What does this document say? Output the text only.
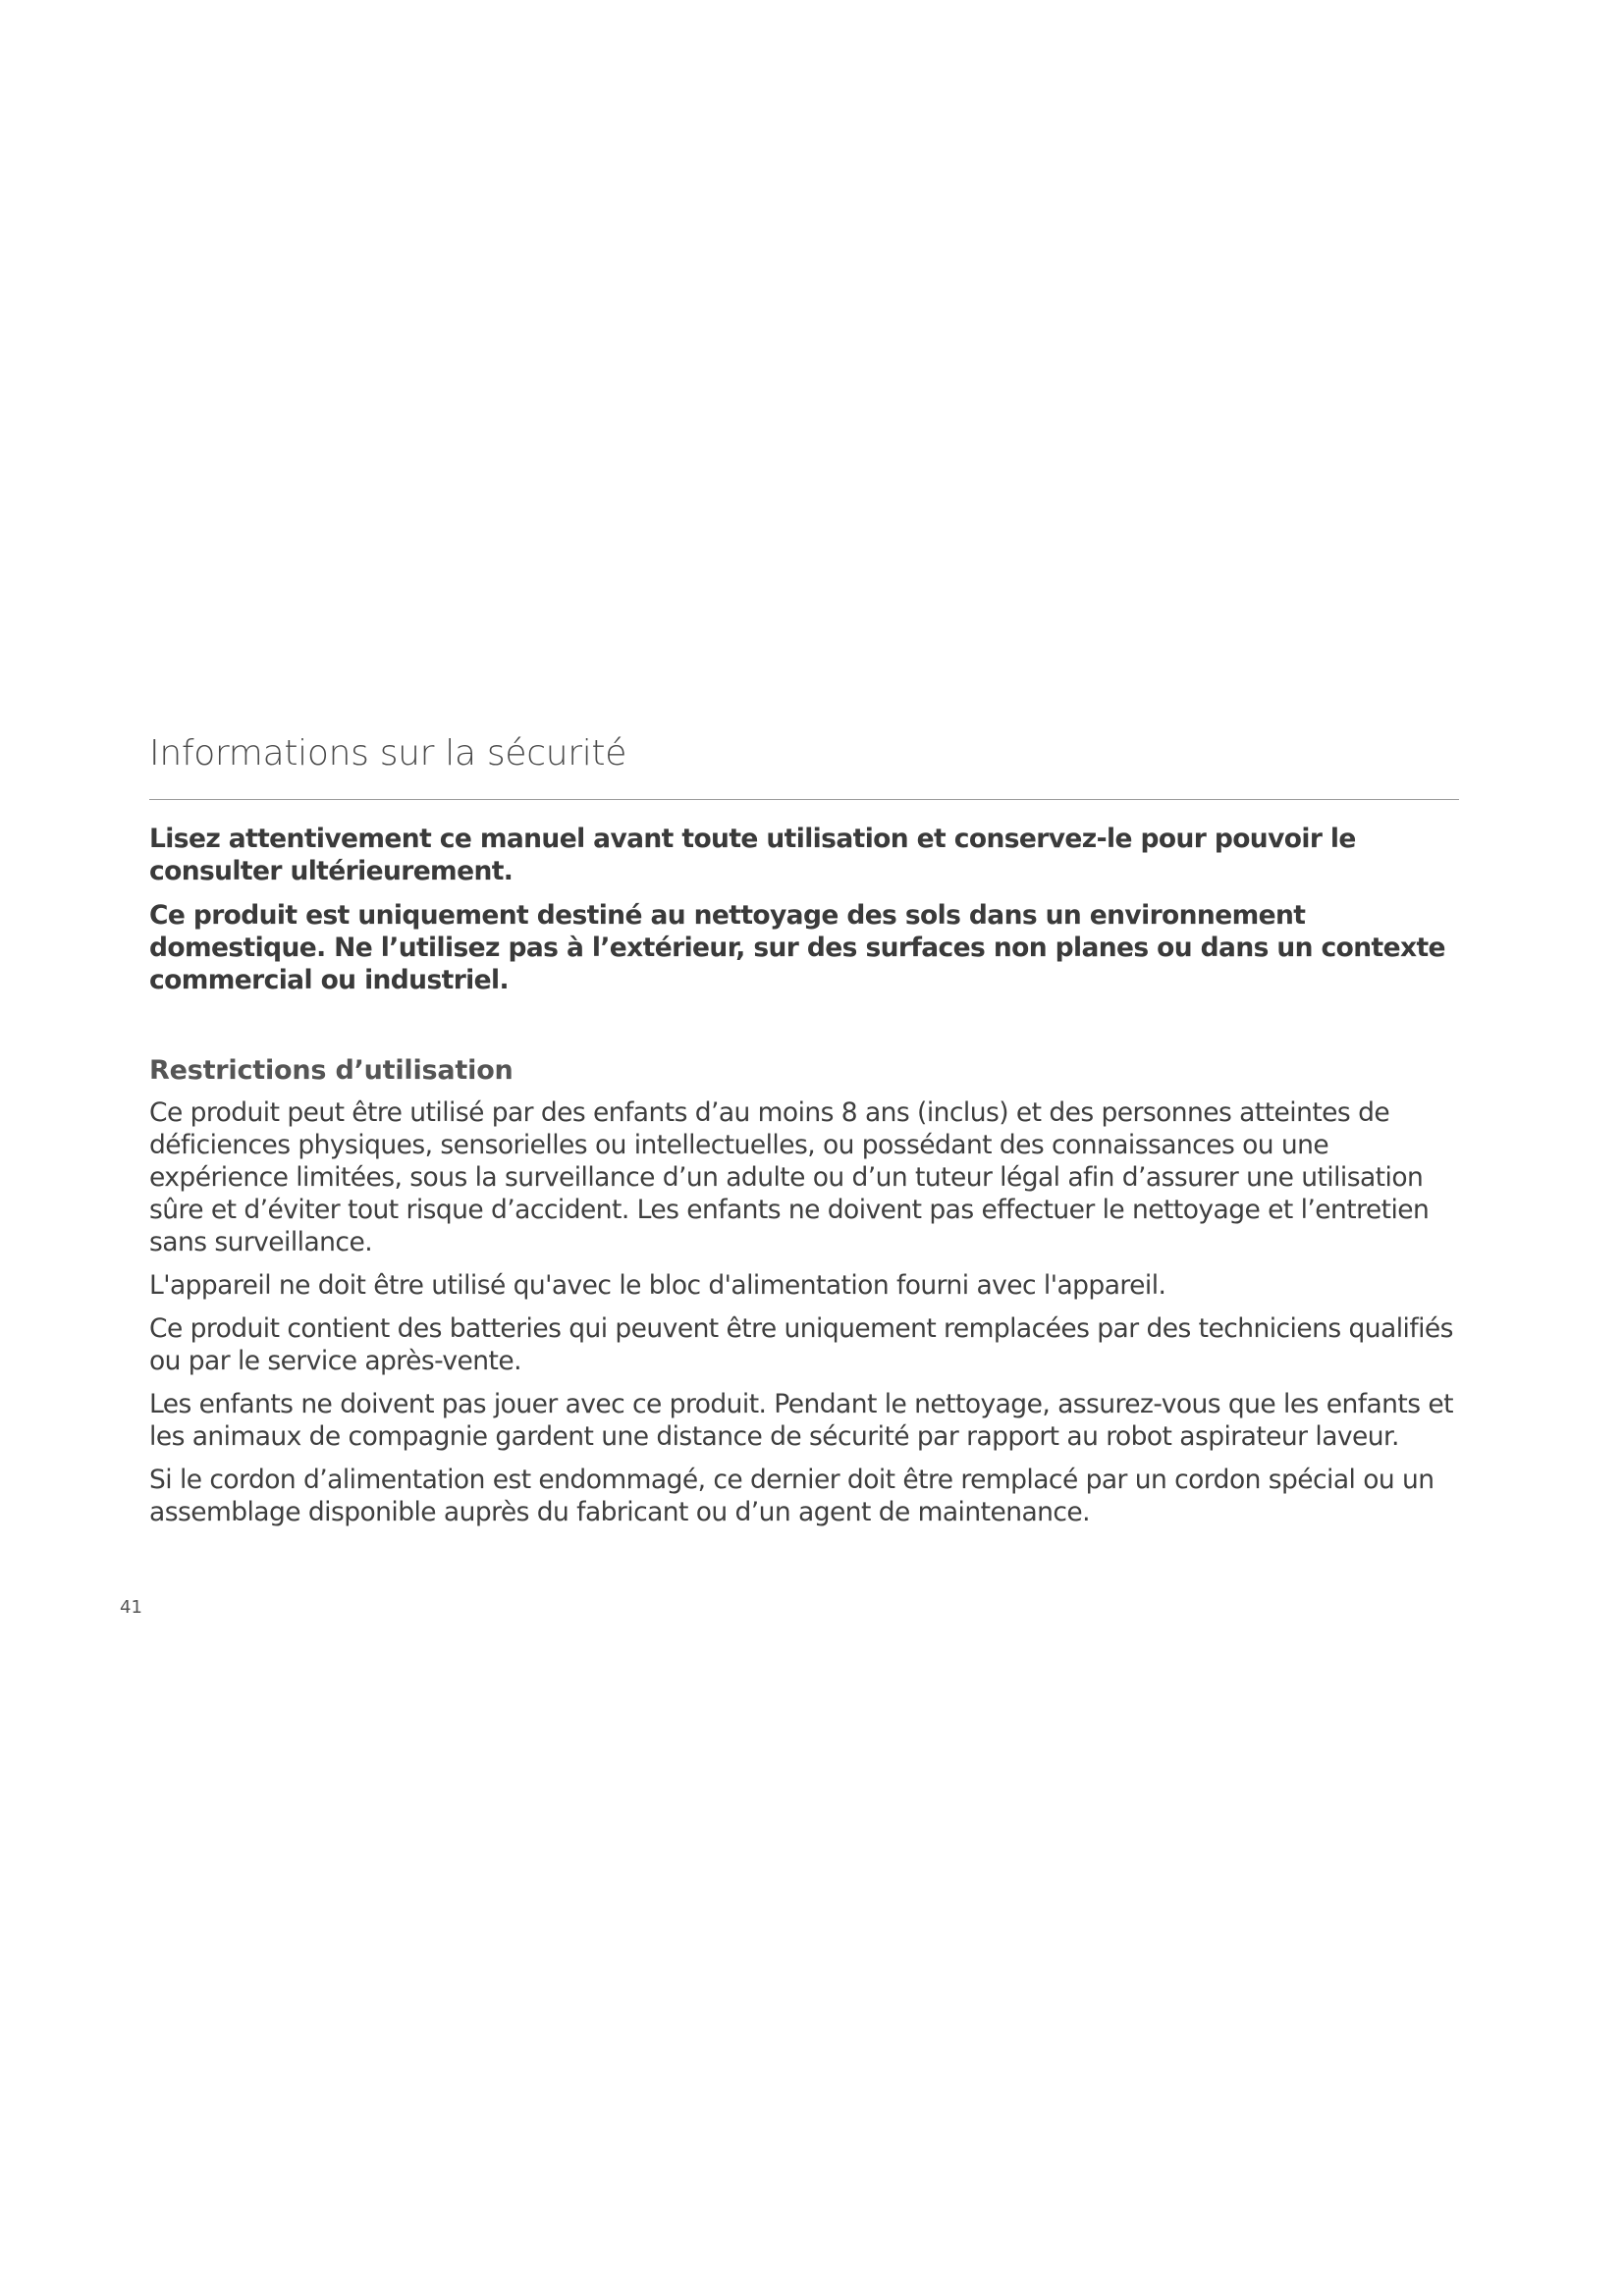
Informations sur la sécurité

Lisez attentivement ce manuel avant toute utilisation et conservez-le pour pouvoir le consulter ultérieurement.

Ce produit est uniquement destiné au nettoyage des sols dans un environnement domestique. Ne l’utilisez pas à l’extérieur, sur des surfaces non planes ou dans un contexte commercial ou industriel.

Restrictions d’utilisation

Ce produit peut être utilisé par des enfants d’au moins 8 ans (inclus) et des personnes atteintes de déficiences physiques, sensorielles ou intellectuelles, ou possédant des connaissances ou une expérience limitées, sous la surveillance d’un adulte ou d’un tuteur légal afin d’assurer une utilisation sûre et d’éviter tout risque d’accident. Les enfants ne doivent pas effectuer le nettoyage et l’entretien sans surveillance.

L'appareil ne doit être utilisé qu'avec le bloc d'alimentation fourni avec l'appareil.

Ce produit contient des batteries qui peuvent être uniquement remplacées par des techniciens qualifiés ou par le service après-vente.

Les enfants ne doivent pas jouer avec ce produit. Pendant le nettoyage, assurez-vous que les enfants et les animaux de compagnie gardent une distance de sécurité par rapport au robot aspirateur laveur.

Si le cordon d’alimentation est endommagé, ce dernier doit être remplacé par un cordon spécial ou un assemblage disponible auprès du fabricant ou d’un agent de maintenance.

41
